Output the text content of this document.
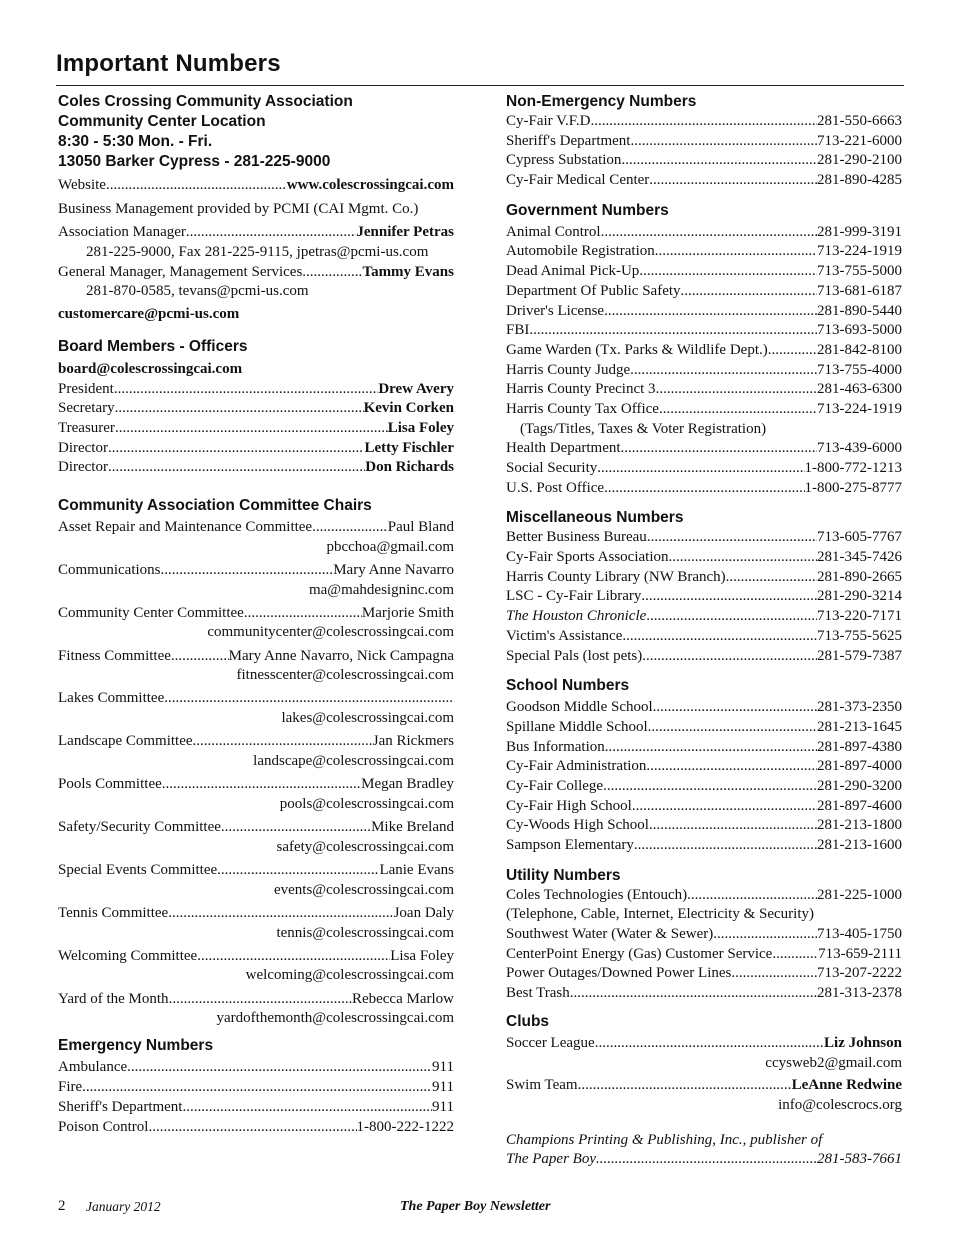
Important Numbers
Coles Crossing Community Association
Community Center Location
8:30 - 5:30 Mon. - Fri.
13050 Barker Cypress - 281-225-9000
Website .....	www.colescrossingcai.com
Business Management provided by PCMI (CAI Mgmt. Co.)
Association Manager .....	Jennifer Petras
281-225-9000, Fax 281-225-9115, jpetras@pcmi-us.com
General Manager, Management Services .....	Tammy Evans
281-870-0585, tevans@pcmi-us.com
customercare@pcmi-us.com
Board Members - Officers
board@colescrossingcai.com
President .....	Drew Avery
Secretary .....	Kevin Corken
Treasurer .....	Lisa Foley
Director .....	Letty Fischler
Director .....	Don Richards
Community Association Committee Chairs
Asset Repair and Maintenance Committee .....	Paul Bland
pbcchoa@gmail.com
Communications .....	Mary Anne Navarro
ma@mahdesigninc.com
Community Center Committee .....	Marjorie Smith
communitycenter@colescrossingcai.com
Fitness Committee .....	Mary Anne Navarro, Nick Campagna
fitnesscenter@colescrossingcai.com
Lakes Committee
.....
lakes@colescrossingcai.com
Landscape Committee .....	Jan Rickmers
landscape@colescrossingcai.com
Pools Committee .....	Megan Bradley
pools@colescrossingcai.com
Safety/Security Committee .....	Mike Breland
safety@colescrossingcai.com
Special Events Committee .....	Lanie Evans
events@colescrossingcai.com
Tennis Committee .....	Joan Daly
tennis@colescrossingcai.com
Welcoming Committee .....	Lisa Foley
welcoming@colescrossingcai.com
Yard of the Month .....	Rebecca Marlow
yardofthemonth@colescrossingcai.com
Emergency Numbers
Ambulance .....	911
Fire .....	911
Sheriff's Department .....	911
Poison Control .....	1-800-222-1222
Non-Emergency Numbers
Cy-Fair V.F.D. .....	281-550-6663
Sheriff's Department .....	713-221-6000
Cypress Substation .....	281-290-2100
Cy-Fair Medical Center .....	281-890-4285
Government Numbers
Animal Control .....	281-999-3191
Automobile Registration .....	713-224-1919
Dead Animal Pick-Up .....	713-755-5000
Department Of Public Safety .....	713-681-6187
Driver's License .....	281-890-5440
FBI .....	713-693-5000
Game Warden (Tx. Parks & Wildlife Dept.) .....	281-842-8100
Harris County Judge .....	713-755-4000
Harris County Precinct 3 .....	281-463-6300
Harris County Tax Office .....	713-224-1919
(Tags/Titles, Taxes & Voter Registration)
Health Department .....	713-439-6000
Social Security .....	1-800-772-1213
U.S. Post Office .....	1-800-275-8777
Miscellaneous Numbers
Better Business Bureau .....	713-605-7767
Cy-Fair Sports Association .....	281-345-7426
Harris County Library (NW Branch) .....	281-890-2665
LSC - Cy-Fair Library .....	281-290-3214
The Houston Chronicle .....	713-220-7171
Victim's Assistance .....	713-755-5625
Special Pals (lost pets) .....	281-579-7387
School Numbers
Goodson Middle School .....	281-373-2350
Spillane Middle School .....	281-213-1645
Bus Information .....	281-897-4380
Cy-Fair Administration .....	281-897-4000
Cy-Fair College .....	281-290-3200
Cy-Fair High School .....	281-897-4600
Cy-Woods High School .....	281-213-1800
Sampson Elementary .....	281-213-1600
Utility Numbers
Coles Technologies (Entouch) .....	281-225-1000
(Telephone, Cable, Internet, Electricity & Security)
Southwest Water (Water & Sewer) .....	713-405-1750
CenterPoint Energy (Gas) Customer Service .....	713-659-2111
Power Outages/Downed Power Lines .....	713-207-2222
Best Trash .....	281-313-2378
Clubs
Soccer League .....	Liz Johnson
ccysweb2@gmail.com
Swim Team .....	LeAnne Redwine
info@colescrocs.org
Champions Printing & Publishing, Inc., publisher of
The Paper Boy .....	281-583-7661
2 January 2012	The Paper Boy Newsletter
